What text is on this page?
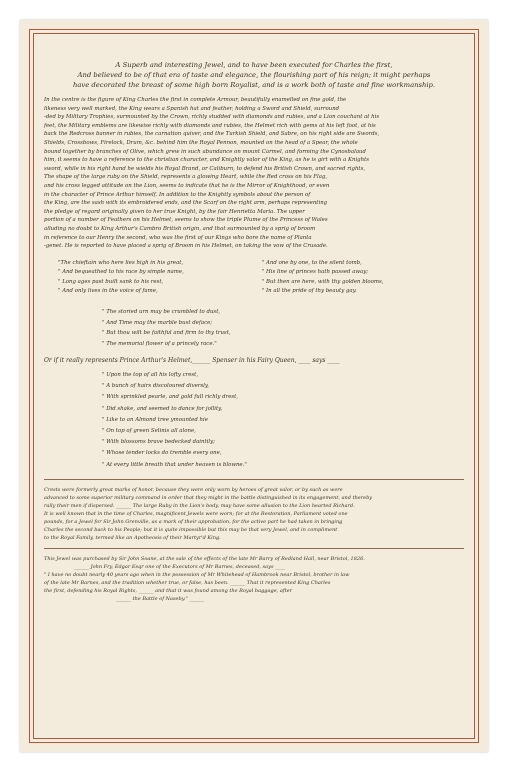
A Superb and interesting Jewel, and to have been executed for Charles the first,
And believed to be of that era of taste and elegance, the flourishing part of his reign; it might perhaps
have decorated the breast of some high born Royalist, and is a work both of taste and fine workmanship.

In the centre is the figure of King Charles the first in complete Armour, beautifully enamelled on fine gold, the

likeness very well marked, the King wears a Spanish hat and feather, holding a Sword and Shield, surround

-ded by Military Trophies, surmounted by the Crown, richly studded with diamonds and rubies, and a Lion couchant at his

feet, the Military emblems are likewise richly with diamonds and rubies, the Helmet rich with gems at his left foot, at his

back the Redcross banner in rubies, the carnation quiver, and the Turkish Shield, and Sabre, on his right side are Swords,

Shields, Crossbows, Firelock, Drum, &c. behind him the Royal Pennon, mounted on the head of a Spear, the whole

bound together by branches of Olive, which grew in such abundance on mount Carmel, and forming the Cynosbalaud

him, it seems to have a reference to the christian character, and Knightly valor of the King, as he is girt with a Knights

sword, while in his right hand he wields his Royal Brand, or Caliburn, to defend his British Crown, and sacred rights,

The shape of the large ruby on the Shield, represents a glowing Heart, while the Red cross on his Flag,

and his cross legged attitude on the Lion, seems to indicate that he is the Mirror of Knighthood, or even

in the character of Prince Arthur himself. In addition to the Knightly symbols about the person of

the King, are the sash with its embroidered ends, and the Scarf on the right arm, perhaps representing

the pledge of regard originally given to her true Knight, by the fair Henrietta Maria. The upper

portion of a number of Feathers on his Helmet, seems to show the triple Plume of the Princess of Wales

alluding no doubt to King Arthur's Cambro British origin, and that surmounted by a sprig of broom

in reference to our Henry the second, who was the first of our Kings who bore the name of Planta

-genet. He is reported to have placed a sprig of Broom in his Helmet, on taking the vow of the Crusade.

"The chieftain who here lies high in his great,

" And bequeathed to his race by simple name,

" Long ages past built sank to his rest,

" And only lives in the voice of fame,

" And one by one, to the silent tomb,

" His line of princes hath passed away;

" But then are here, with thy golden blooms,

" In all the pride of thy beauty gay.

" The storied urn may be crumbled to dust,

" And Time may the marble bust deface;

" But thou wilt be faithful and firm to thy trust,

" The memorial flower of a princely race."

Or if it really represents Prince Arthur's Helmet,______ Spenser in his Fairy Queen, ____ says ____

" Upon the top of all his lofty crest,

" A bunch of hairs discoloured diversly,

" With sprinkled pearle, and gold full richly drest,

" Did shake, and seemed to dance for jollity,

" Like to an Almond tree ymounted hie

" On top of green Selinis all alone,

" With blossoms brave bedecked daintily;

" Whose tender locks do tremble every one,

" At every little breath that under heaven is blowne."

Crests were formerly great marks of honor, because they were only worn by heroes of great valor, or by such as were

advanced to some superior military command in order that they might in the battle distinguished in its engagement, and thereby

rally their men if dispersed. ______ The large Ruby in the Lion's body, may have some allusion to the Lion hearted Richard.

It is well known that in the time of Charles, magnificent Jewels were worn; for at the Restoration, Parliament voted one

pounds, for a Jewel for Sir John Grenville, as a mark of their approbation, for the active part he had taken in bringing

Charles the second back to his People; but it is quite impossible but this may be that very Jewel, and in compliment

to the Royal Family, termed like an Apotheosis of their Martyr'd King.

This Jewel was purchased by Sir John Soane, at the sale of the effects of the late Mr Barry of Redland Hall, near Bristol, 1826.

______ John Fry, Edgar Esqr one of the Executors of Mr Barnes, deceased, says ____

" I have no doubt nearly 40 years ago when in the possession of Mr Whitehead of Hambrook near Bristol, brother in law

of the late Mr Barnes, and the tradition whether true, or false, has been. ______ That it represented King Charles

the first, defending his Royal Rights, ______ and that it was found among the Royal baggage, after

______ the Battle of Naseby." ______
